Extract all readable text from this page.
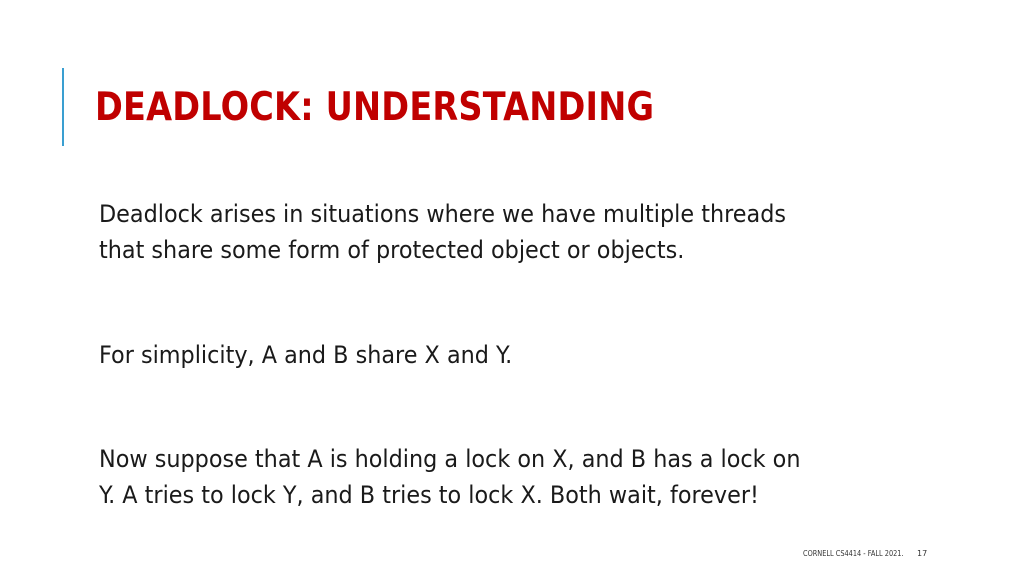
DEADLOCK: UNDERSTANDING
Deadlock arises in situations where we have multiple threads
that share some form of protected object or objects.
For simplicity, A and B share X and Y.
Now suppose that A is holding a lock on X, and B has a lock on
Y. A tries to lock Y, and B tries to lock X. Both wait, forever!
CORNELL CS4414 - FALL 2021. 17
